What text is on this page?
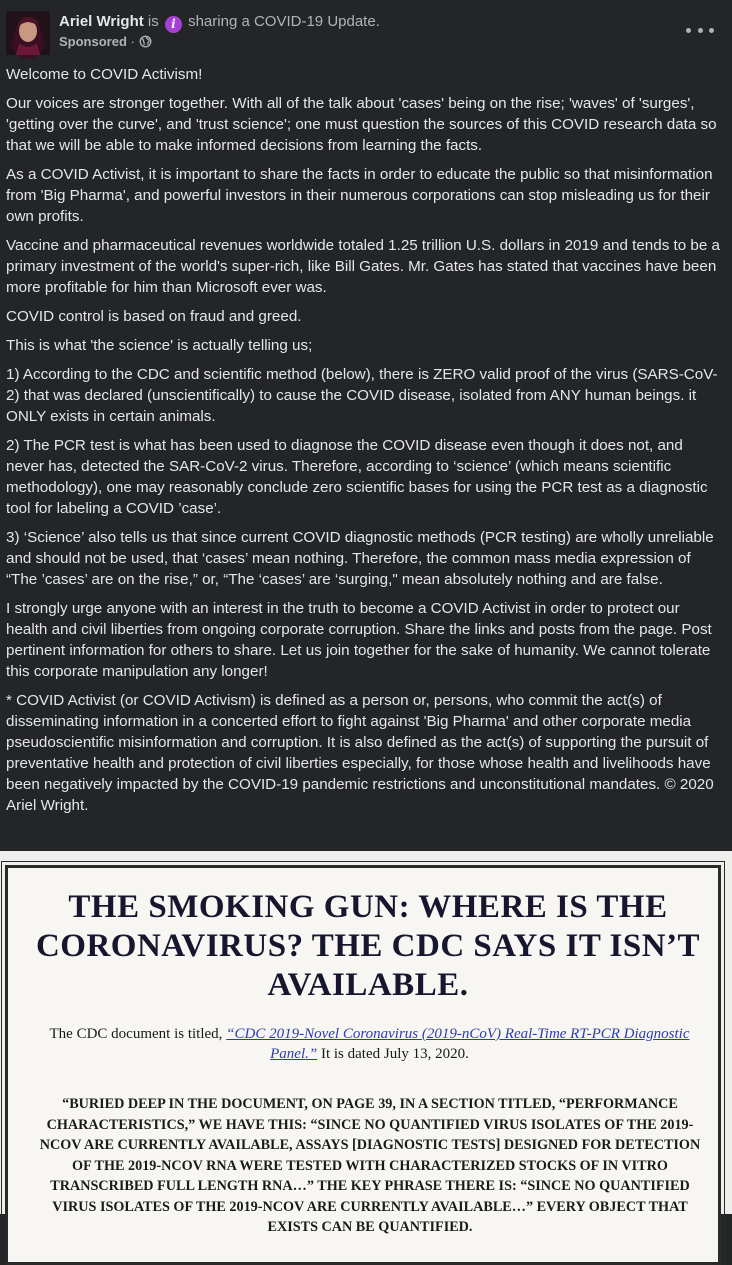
Ariel Wright is i sharing a COVID-19 Update.
Sponsored ·

Welcome to COVID Activism!

Our voices are stronger together. With all of the talk about 'cases' being on the rise; 'waves' of 'surges', 'getting over the curve', and 'trust science'; one must question the sources of this COVID research data so that we will be able to make informed decisions from learning the facts.

As a COVID Activist, it is important to share the facts in order to educate the public so that misinformation from 'Big Pharma', and powerful investors in their numerous corporations can stop misleading us for their own profits.

Vaccine and pharmaceutical revenues worldwide totaled 1.25 trillion U.S. dollars in 2019 and tends to be a primary investment of the world's super-rich, like Bill Gates. Mr. Gates has stated that vaccines have been more profitable for him than Microsoft ever was.

COVID control is based on fraud and greed.

This is what 'the science' is actually telling us;

1) According to the CDC and scientific method (below), there is ZERO valid proof of the virus (SARS-CoV-2) that was declared (unscientifically) to cause the COVID disease, isolated from ANY human beings. it ONLY exists in certain animals.

2) The PCR test is what has been used to diagnose the COVID disease even though it does not, and never has, detected the SAR-CoV-2 virus. Therefore, according to ‘science’ (which means scientific methodology), one may reasonably conclude zero scientific bases for using the PCR test as a diagnostic tool for labeling a COVID ’case’.

3) ‘Science’ also tells us that since current COVID diagnostic methods (PCR testing) are wholly unreliable and should not be used, that ‘cases’ mean nothing. Therefore, the common mass media expression of “The ’cases’ are on the rise,” or, “The ‘cases’ are ‘surging," mean absolutely nothing and are false.

I strongly urge anyone with an interest in the truth to become a COVID Activist in order to protect our health and civil liberties from ongoing corporate corruption. Share the links and posts from the page. Post pertinent information for others to share. Let us join together for the sake of humanity. We cannot tolerate this corporate manipulation any longer!

* COVID Activist (or COVID Activism) is defined as a person or, persons, who commit the act(s) of disseminating information in a concerted effort to fight against 'Big Pharma' and other corporate media pseudoscientific misinformation and corruption. It is also defined as the act(s) of supporting the pursuit of preventative health and protection of civil liberties especially, for those whose health and livelihoods have been negatively impacted by the COVID-19 pandemic restrictions and unconstitutional mandates. © 2020 Ariel Wright.

THE SMOKING GUN: WHERE IS THE CORONAVIRUS? THE CDC SAYS IT ISN’T AVAILABLE.
The CDC document is titled, “CDC 2019-Novel Coronavirus (2019-nCoV) Real-Time RT-PCR Diagnostic Panel.” It is dated July 13, 2020.
“BURIED DEEP IN THE DOCUMENT, ON PAGE 39, IN A SECTION TITLED, “PERFORMANCE CHARACTERISTICS,” WE HAVE THIS: “SINCE NO QUANTIFIED VIRUS ISOLATES OF THE 2019-NCOV ARE CURRENTLY AVAILABLE, ASSAYS [DIAGNOSTIC TESTS] DESIGNED FOR DETECTION OF THE 2019-NCOV RNA WERE TESTED WITH CHARACTERIZED STOCKS OF IN VITRO TRANSCRIBED FULL LENGTH RNA…” THE KEY PHRASE THERE IS: “SINCE NO QUANTIFIED VIRUS ISOLATES OF THE 2019-NCOV ARE CURRENTLY AVAILABLE…” EVERY OBJECT THAT EXISTS CAN BE QUANTIFIED.
